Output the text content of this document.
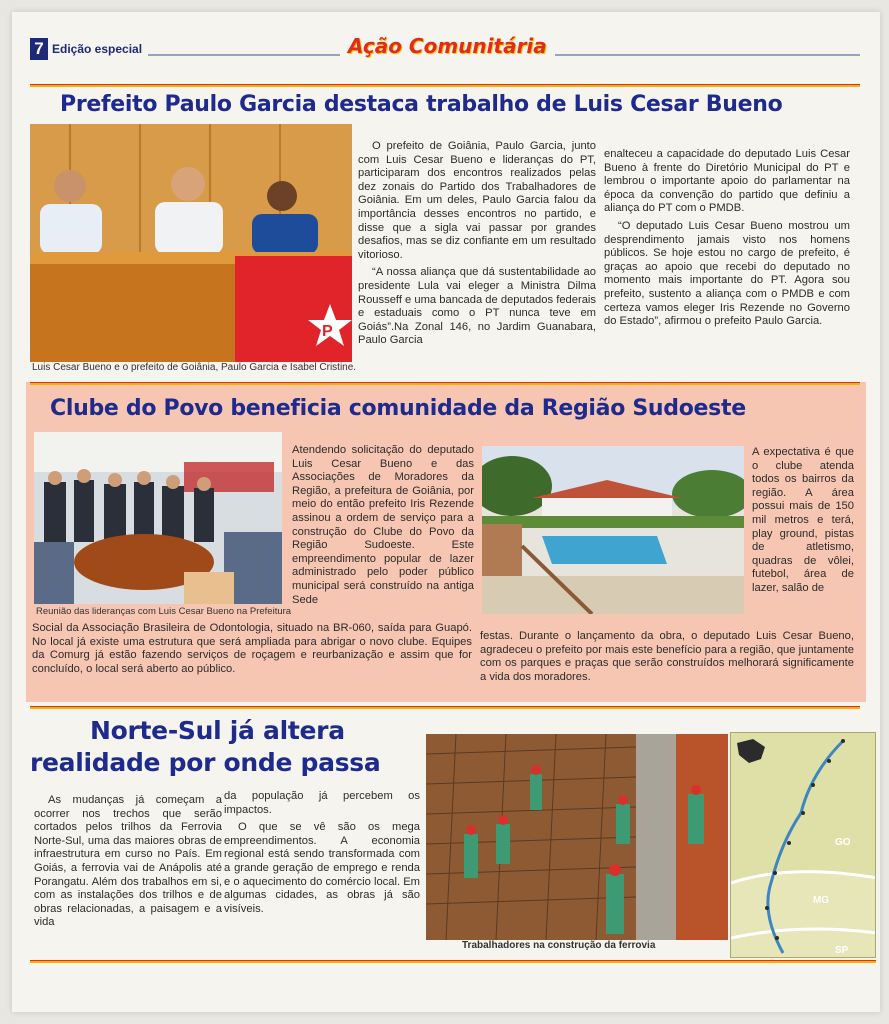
7 Edição especial	Ação Comunitária
Prefeito Paulo Garcia destaca trabalho de Luis Cesar Bueno
P
Luis Cesar Bueno e o prefeito de Goiânia, Paulo Garcia e Isabel Cristine.

O prefeito de Goiânia, Paulo Garcia, junto com Luis Cesar Bueno e lideranças do PT, participaram dos encontros realizados pelas dez zonais do Partido dos Trabalhadores de Goiânia. Em um deles, Paulo Garcia falou da importância desses encontros no partido, e disse que a sigla vai passar por grandes desafios, mas se diz confiante em um resultado vitorioso.

“A nossa aliança que dá sustentabilidade ao presidente Lula vai eleger a Ministra Dilma Rousseff e uma bancada de deputados federais e estaduais como o PT nunca teve em Goiás”.Na Zonal 146, no Jardim Guanabara, Paulo Garcia

enalteceu a capacidade do deputado Luis Cesar Bueno à frente do Diretório Municipal do PT e lembrou o importante apoio do parlamentar na época da convenção do partido que definiu a aliança do PT com o PMDB.

“O deputado Luis Cesar Bueno mostrou um desprendimento jamais visto nos homens públicos. Se hoje estou no cargo de prefeito, é graças ao apoio que recebi do deputado no momento mais importante do PT. Agora sou prefeito, sustento a aliança com o PMDB e com certeza vamos eleger Iris Rezende no Governo do Estado”, afirmou o prefeito Paulo Garcia.

Clube do Povo beneficia comunidade da Região Sudoeste
Reunião das lideranças com Luis Cesar Bueno na Prefeitura
Atendendo solicitação do deputado Luis Cesar Bueno e das Associações de Moradores da Região, a prefeitura de Goiânia, por meio do então prefeito Iris Rezende assinou a ordem de serviço para a construção do Clube do Povo da Região Sudoeste. Este empreendimento popular de lazer administrado pelo poder público municipal será construído na antiga Sede
Social da Associação Brasileira de Odontologia, situado na BR-060, saída para Guapó. No local já existe uma estrutura que será ampliada para abrigar o novo clube. Equipes da Comurg já estão fazendo serviços de roçagem e reurbanização e assim que for concluído, o local será aberto ao público.
A expectativa é que o clube atenda todos os bairros da região. A área possui mais de 150 mil metros e terá, play ground, pistas de atletismo, quadras de vôlei, futebol, área de lazer, salão de
festas. Durante o lançamento da obra, o deputado Luis Cesar Bueno, agradeceu o prefeito por mais este benefício para a região, que juntamente com os parques e praças que serão construídos melhorará significamente a vida dos moradores.
Norte-Sul já altera
realidade por onde passa

As mudanças já começam a ocorrer nos trechos que serão cortados pelos trilhos da Ferrovia Norte-Sul, uma das maiores obras de infraestrutura em curso no País. Em Goiás, a ferrovia vai de Anápolis até Porangatu. Além dos trabalhos em si, com as instalações dos trilhos e de obras relacionadas, a paisagem e a vida

da população já percebem os impactos.

O que se vê são os mega empreendimentos. A economia regional está sendo transformada com a grande geração de emprego e renda e o aquecimento do comércio local. Em algumas cidades, as obras já são visíveis.

Trabalhadores na construção da ferrovia
GO
MG
SP
